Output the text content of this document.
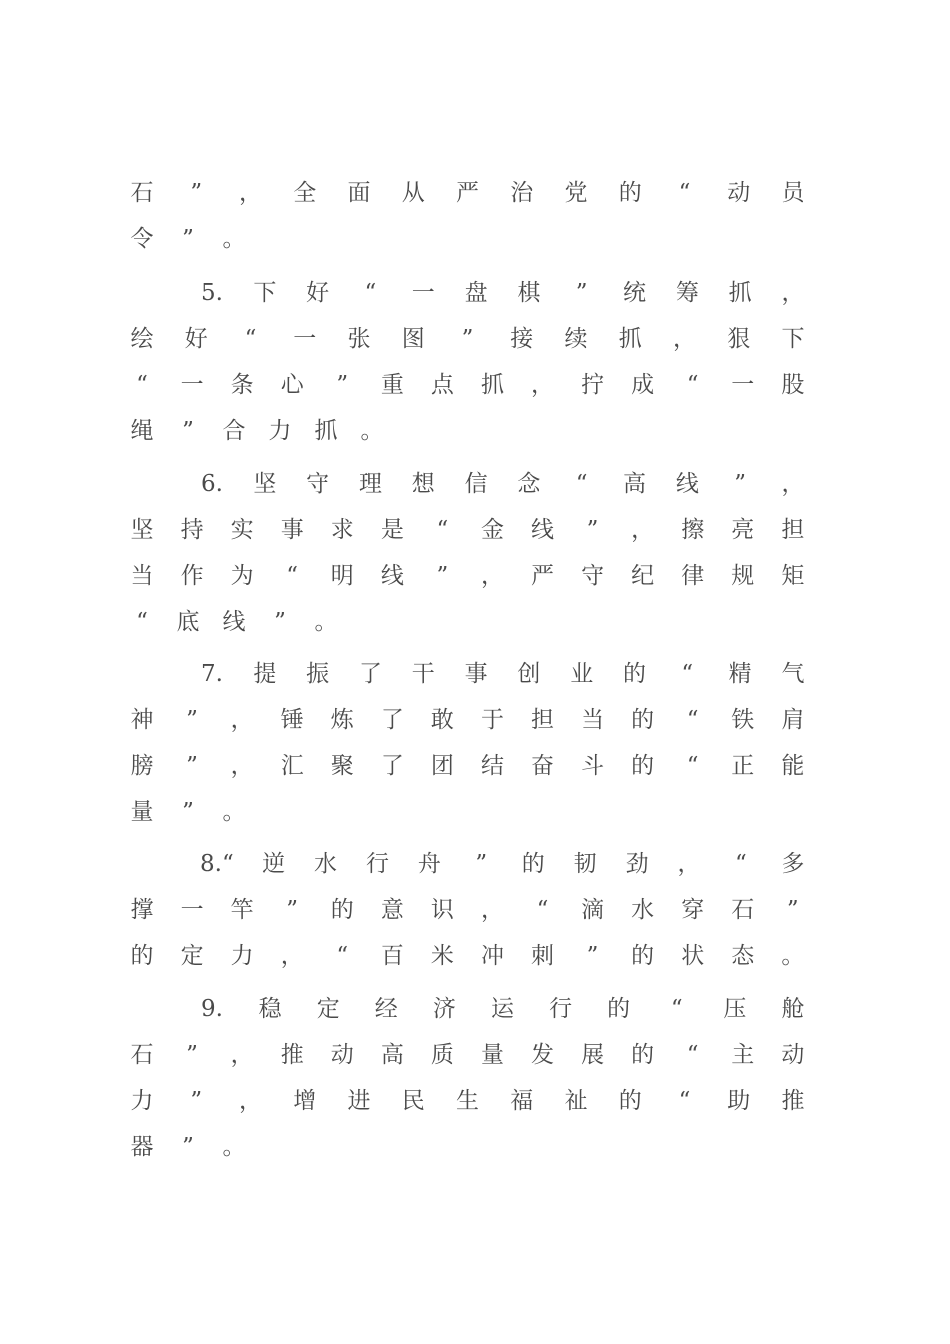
石 ” ， 全 面 从 严 治 党 的 “ 动 员
令 ” 。
5. 下 好 “ 一 盘 棋 ” 统 筹 抓 ，
绘 好 “ 一 张 图 ” 接 续 抓 ， 狠 下
“ 一 条 心 ” 重 点 抓 ， 拧 成 “ 一 股
绳 ” 合 力 抓 。
6. 坚 守 理 想 信 念 “ 高 线 ” ，
坚 持 实 事 求 是 “ 金 线 ” ， 擦 亮 担
当 作 为 “ 明 线 ” ， 严 守 纪 律 规 矩
“ 底 线 ” 。
7. 提 振 了 干 事 创 业 的 “ 精 气
神 ” ， 锤 炼 了 敢 于 担 当 的 “ 铁 肩
膀 ” ， 汇 聚 了 团 结 奋 斗 的 “ 正 能
量 ” 。
8.“ 逆 水 行 舟 ” 的 韧 劲 ， “ 多
撑 一 竿 ” 的 意 识 ， “ 滴 水 穿 石 ”
的 定 力 ， “ 百 米 冲 刺 ” 的 状 态 。
9. 稳 定 经 济 运 行 的 “ 压 舱
石 ” ， 推 动 高 质 量 发 展 的 “ 主 动
力 ” ， 增 进 民 生 福 祉 的 “ 助 推
器 ” 。
